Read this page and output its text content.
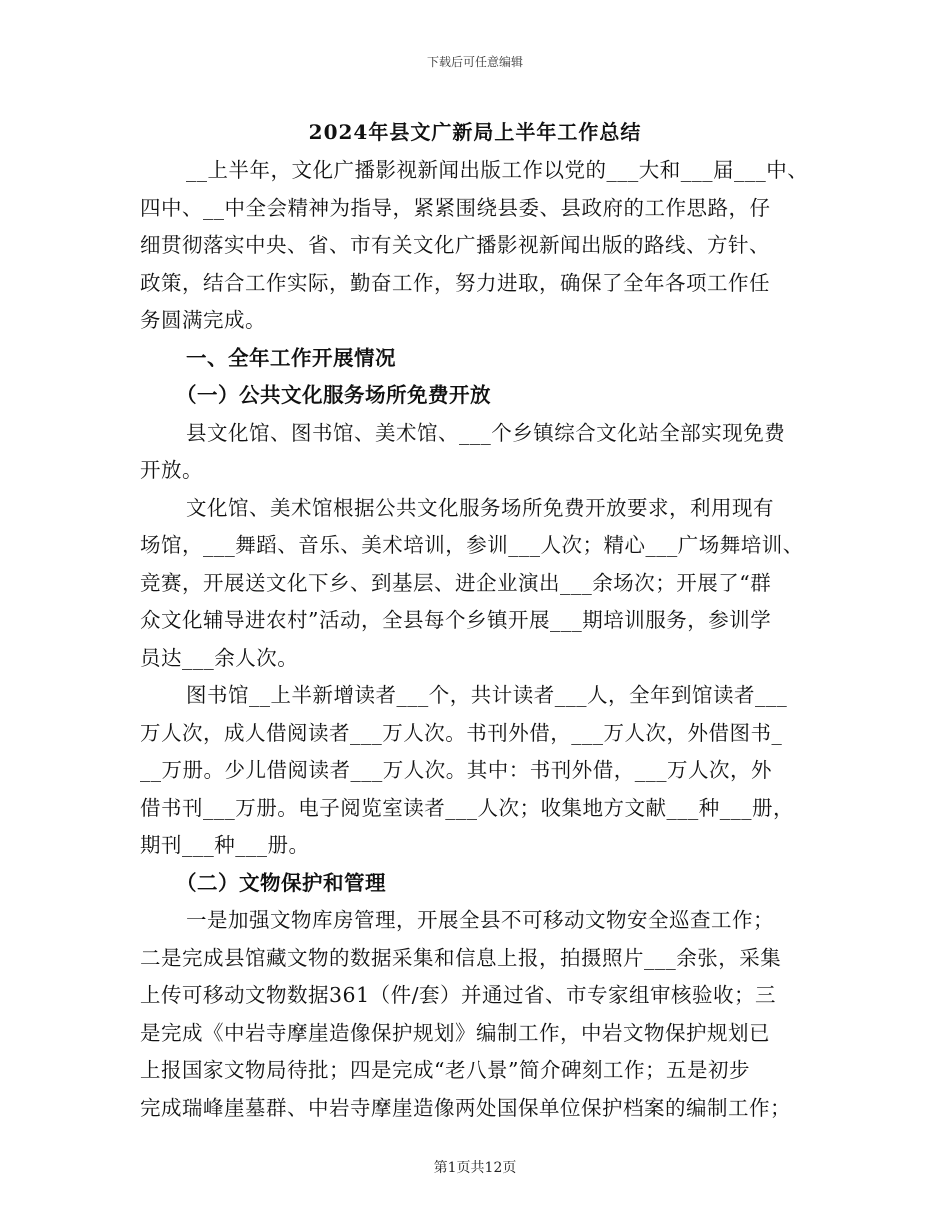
下载后可任意编辑
2024年县文广新局上半年工作总结
__上半年，文化广播影视新闻出版工作以党的___大和___届___中、
四中、__中全会精神为指导，紧紧围绕县委、县政府的工作思路，仔
细贯彻落实中央、省、市有关文化广播影视新闻出版的路线、方针、
政策，结合工作实际，勤奋工作，努力进取，确保了全年各项工作任
务圆满完成。
一、全年工作开展情况
（一）公共文化服务场所免费开放
县文化馆、图书馆、美术馆、___个乡镇综合文化站全部实现免费
开放。
文化馆、美术馆根据公共文化服务场所免费开放要求，利用现有
场馆，___舞蹈、音乐、美术培训，参训___人次；精心___广场舞培训、
竞赛，开展送文化下乡、到基层、进企业演出___余场次；开展了“群
众文化辅导进农村”活动，全县每个乡镇开展___期培训服务，参训学
员达___余人次。
图书馆__上半新增读者___个，共计读者___人，全年到馆读者___
万人次，成人借阅读者___万人次。书刊外借，___万人次，外借图书_
__万册。少儿借阅读者___万人次。其中：书刊外借，___万人次，外
借书刊___万册。电子阅览室读者___人次；收集地方文献___种___册，
期刊___种___册。
（二）文物保护和管理
一是加强文物库房管理，开展全县不可移动文物安全巡查工作；
二是完成县馆藏文物的数据采集和信息上报，拍摄照片___余张，采集
上传可移动文物数据361（件/套）并通过省、市专家组审核验收；三
是完成《中岩寺摩崖造像保护规划》编制工作，中岩文物保护规划已
上报国家文物局待批；四是完成“老八景”简介碑刻工作；五是初步
完成瑞峰崖墓群、中岩寺摩崖造像两处国保单位保护档案的编制工作；
第1页共12页
